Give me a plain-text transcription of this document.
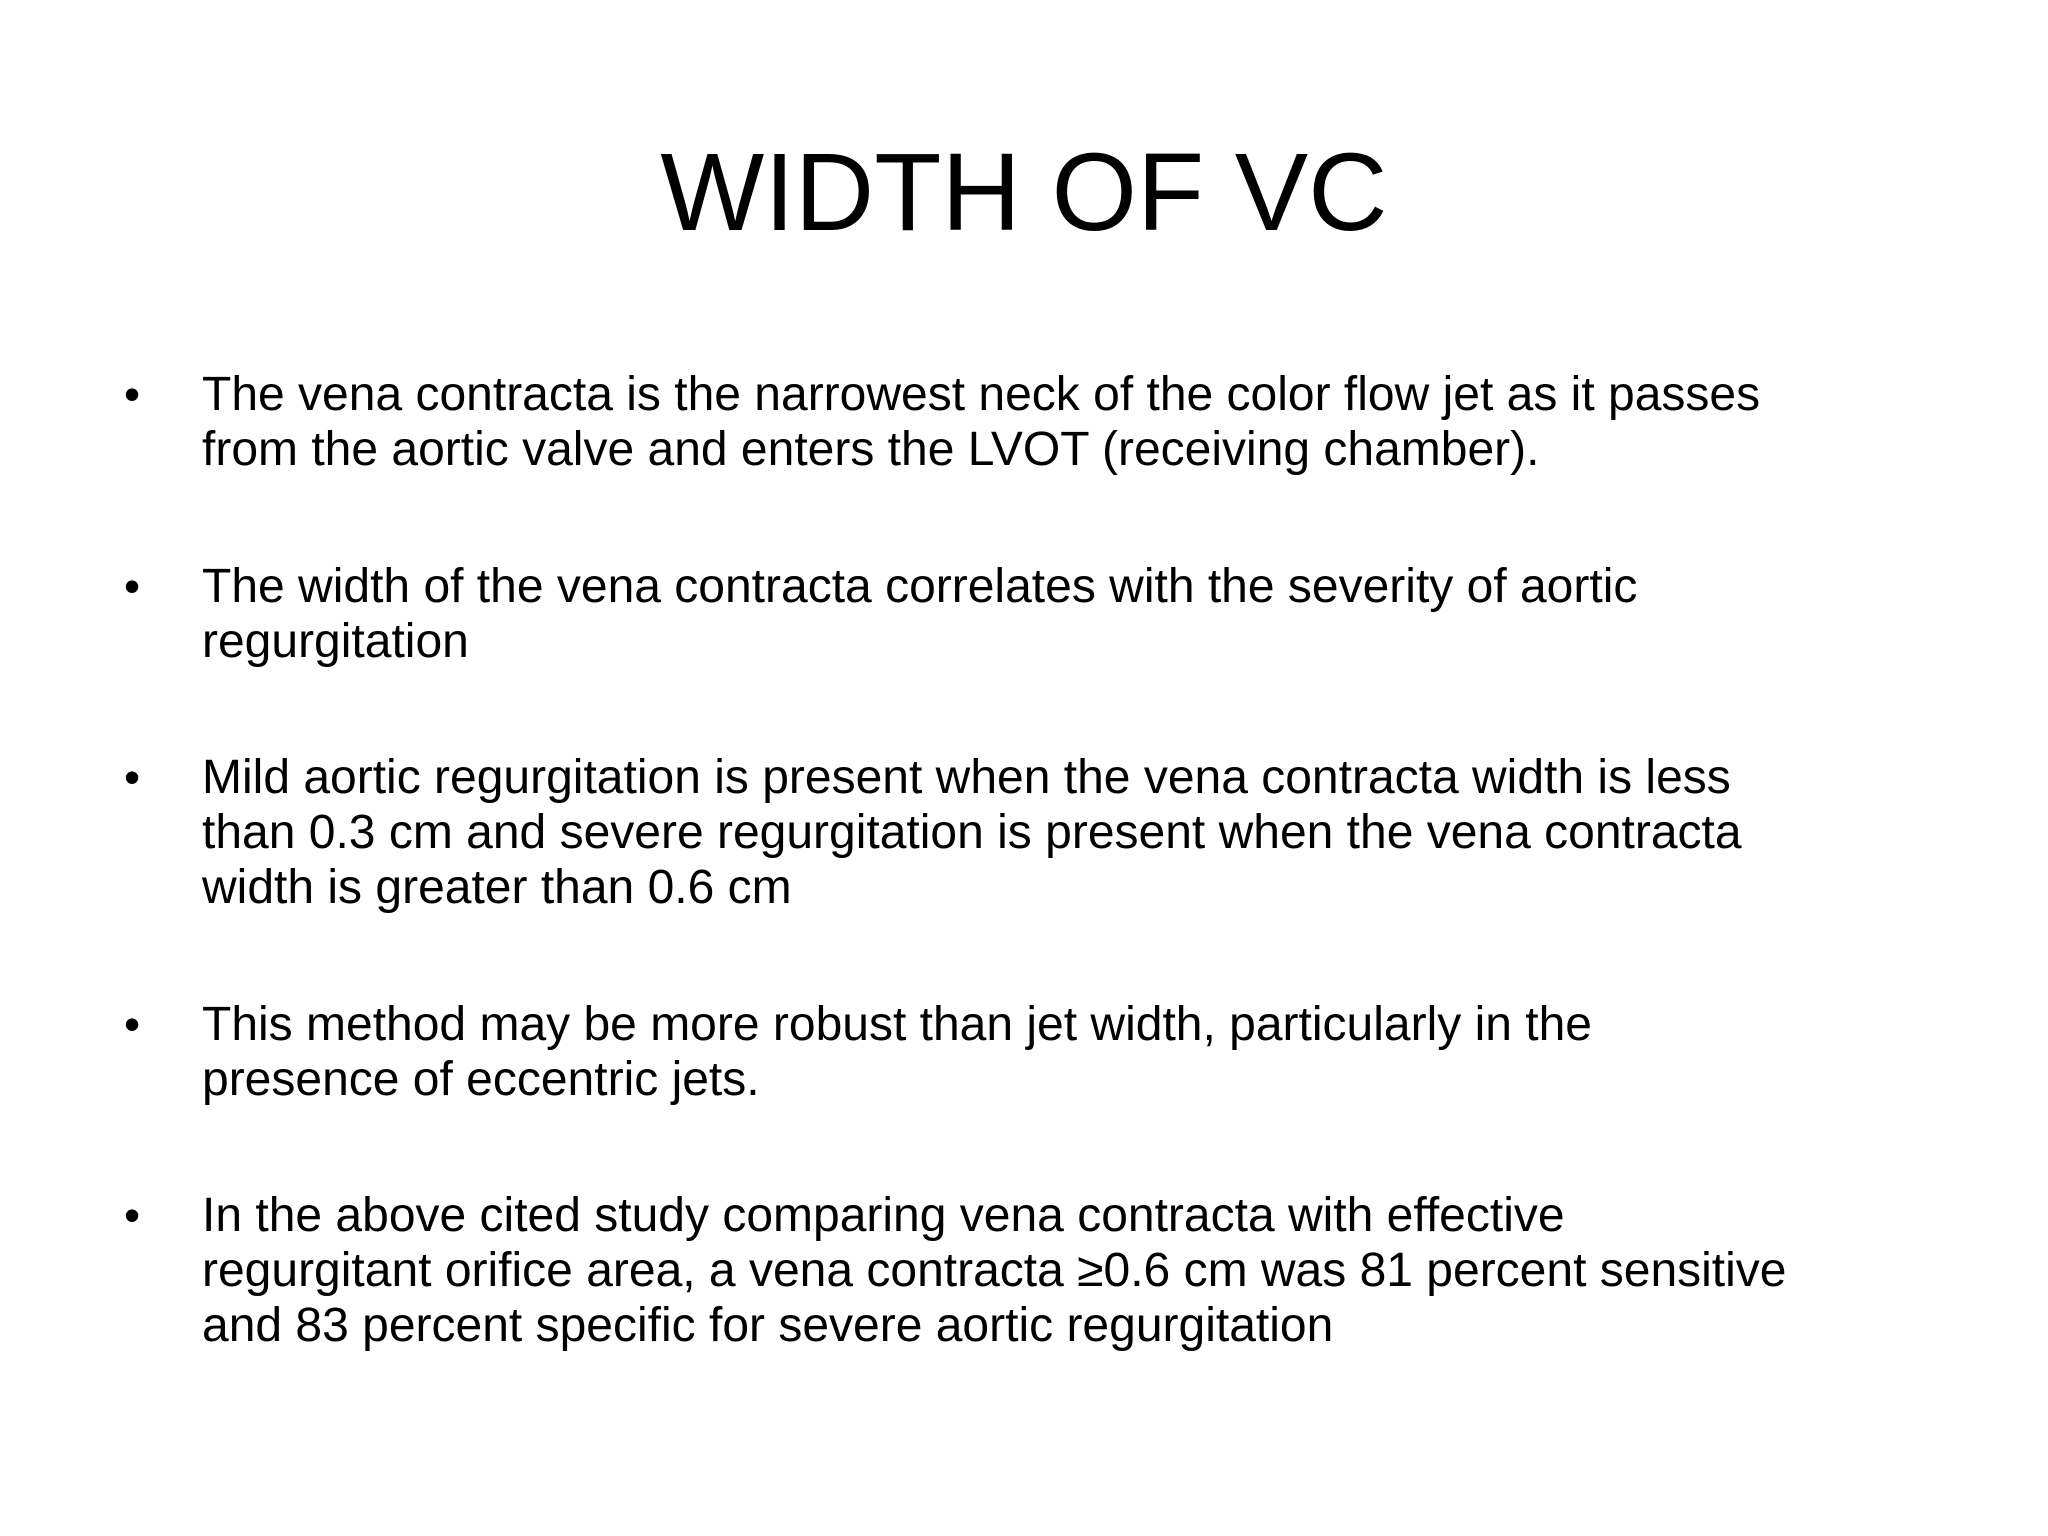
WIDTH OF VC
• The vena contracta is the narrowest neck of the color flow jet as it passes
from the aortic valve and enters the LVOT (receiving chamber).
• The width of the vena contracta correlates with the severity of aortic
regurgitation
• Mild aortic regurgitation is present when the vena contracta width is less
than 0.3 cm and severe regurgitation is present when the vena contracta
width is greater than 0.6 cm
• This method may be more robust than jet width, particularly in the
presence of eccentric jets.
• In the above cited study comparing vena contracta with effective
regurgitant orifice area, a vena contracta ≥0.6 cm was 81 percent sensitive
and 83 percent specific for severe aortic regurgitation
